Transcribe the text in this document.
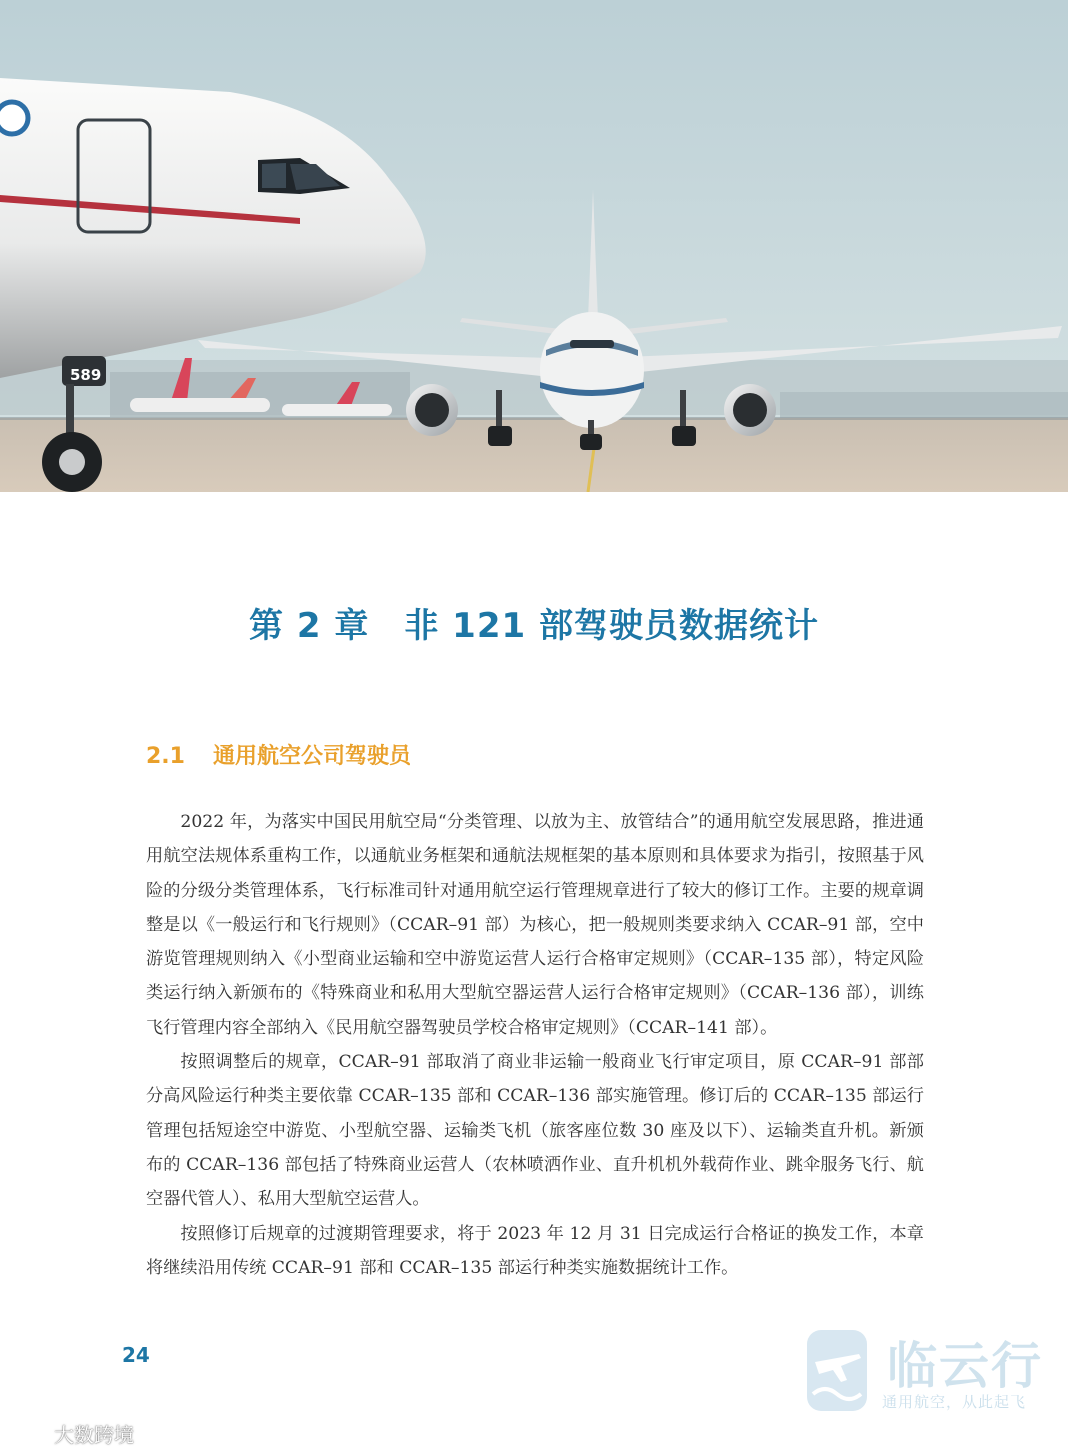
589
第 2 章　非 121 部驾驶员数据统计
2.1 通用航空公司驾驶员

2022 年，为落实中国民用航空局“分类管理、以放为主、放管结合”的通用航空发展思路，推进通用航空法规体系重构工作，以通航业务框架和通航法规框架的基本原则和具体要求为指引，按照基于风险的分级分类管理体系，飞行标准司针对通用航空运行管理规章进行了较大的修订工作。主要的规章调整是以《一般运行和飞行规则》（CCAR–91 部）为核心，把一般规则类要求纳入 CCAR–91 部，空中游览管理规则纳入《小型商业运输和空中游览运营人运行合格审定规则》（CCAR–135 部），特定风险类运行纳入新颁布的《特殊商业和私用大型航空器运营人运行合格审定规则》（CCAR–136 部），训练飞行管理内容全部纳入《民用航空器驾驶员学校合格审定规则》（CCAR–141 部）。

按照调整后的规章，CCAR–91 部取消了商业非运输一般商业飞行审定项目，原 CCAR–91 部部分高风险运行种类主要依靠 CCAR–135 部和 CCAR–136 部实施管理。修订后的 CCAR–135 部运行管理包括短途空中游览、小型航空器、运输类飞机（旅客座位数 30 座及以下）、运输类直升机。新颁布的 CCAR–136 部包括了特殊商业运营人（农林喷洒作业、直升机机外载荷作业、跳伞服务飞行、航空器代管人）、私用大型航空运营人。

按照修订后规章的过渡期管理要求，将于 2023 年 12 月 31 日完成运行合格证的换发工作，本章将继续沿用传统 CCAR–91 部和 CCAR–135 部运行种类实施数据统计工作。

24	临云行
通用航空，从此起飞
大数跨境
